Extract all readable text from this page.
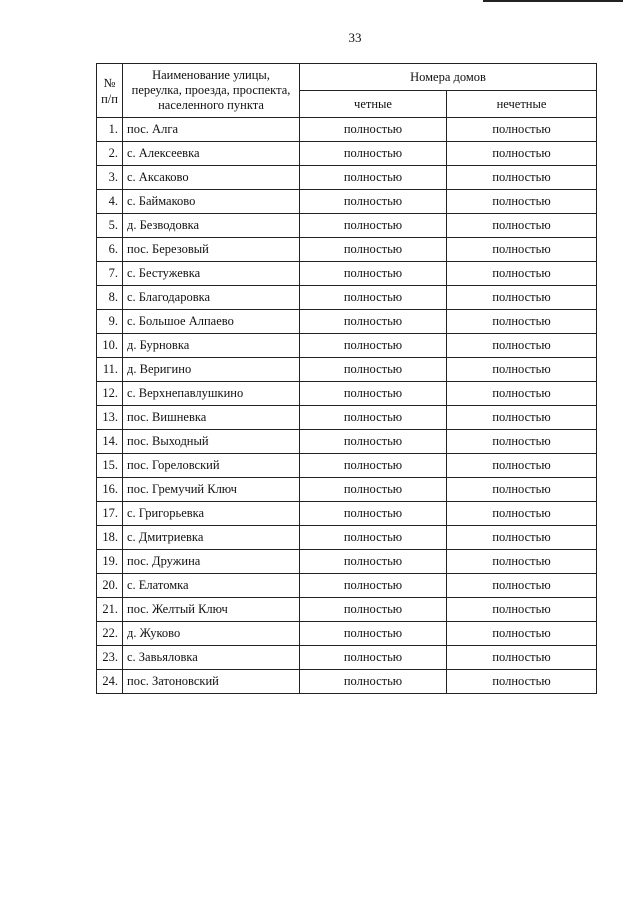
33
№ п/п	Наименование улицы, переулка, проезда, проспекта, населенного пункта	Номера домов	
		четные	нечетные
1.	пос. Алга	полностью	полностью
2.	с. Алексеевка	полностью	полностью
3.	с. Аксаково	полностью	полностью
4.	с. Баймаково	полностью	полностью
5.	д. Безводовка	полностью	полностью
6.	пос. Березовый	полностью	полностью
7.	с. Бестужевка	полностью	полностью
8.	с. Благодаровка	полностью	полностью
9.	с. Большое Алпаево	полностью	полностью
10.	д. Бурновка	полностью	полностью
11.	д. Веригино	полностью	полностью
12.	с. Верхнепавлушкино	полностью	полностью
13.	пос. Вишневка	полностью	полностью
14.	пос. Выходный	полностью	полностью
15.	пос. Гореловский	полностью	полностью
16.	пос. Гремучий Ключ	полностью	полностью
17.	с. Григорьевка	полностью	полностью
18.	с. Дмитриевка	полностью	полностью
19.	пос. Дружина	полностью	полностью
20.	с. Елатомка	полностью	полностью
21.	пос. Желтый Ключ	полностью	полностью
22.	д. Жуково	полностью	полностью
23.	с. Завьяловка	полностью	полностью
24.	пос. Затоновский	полностью	полностью
